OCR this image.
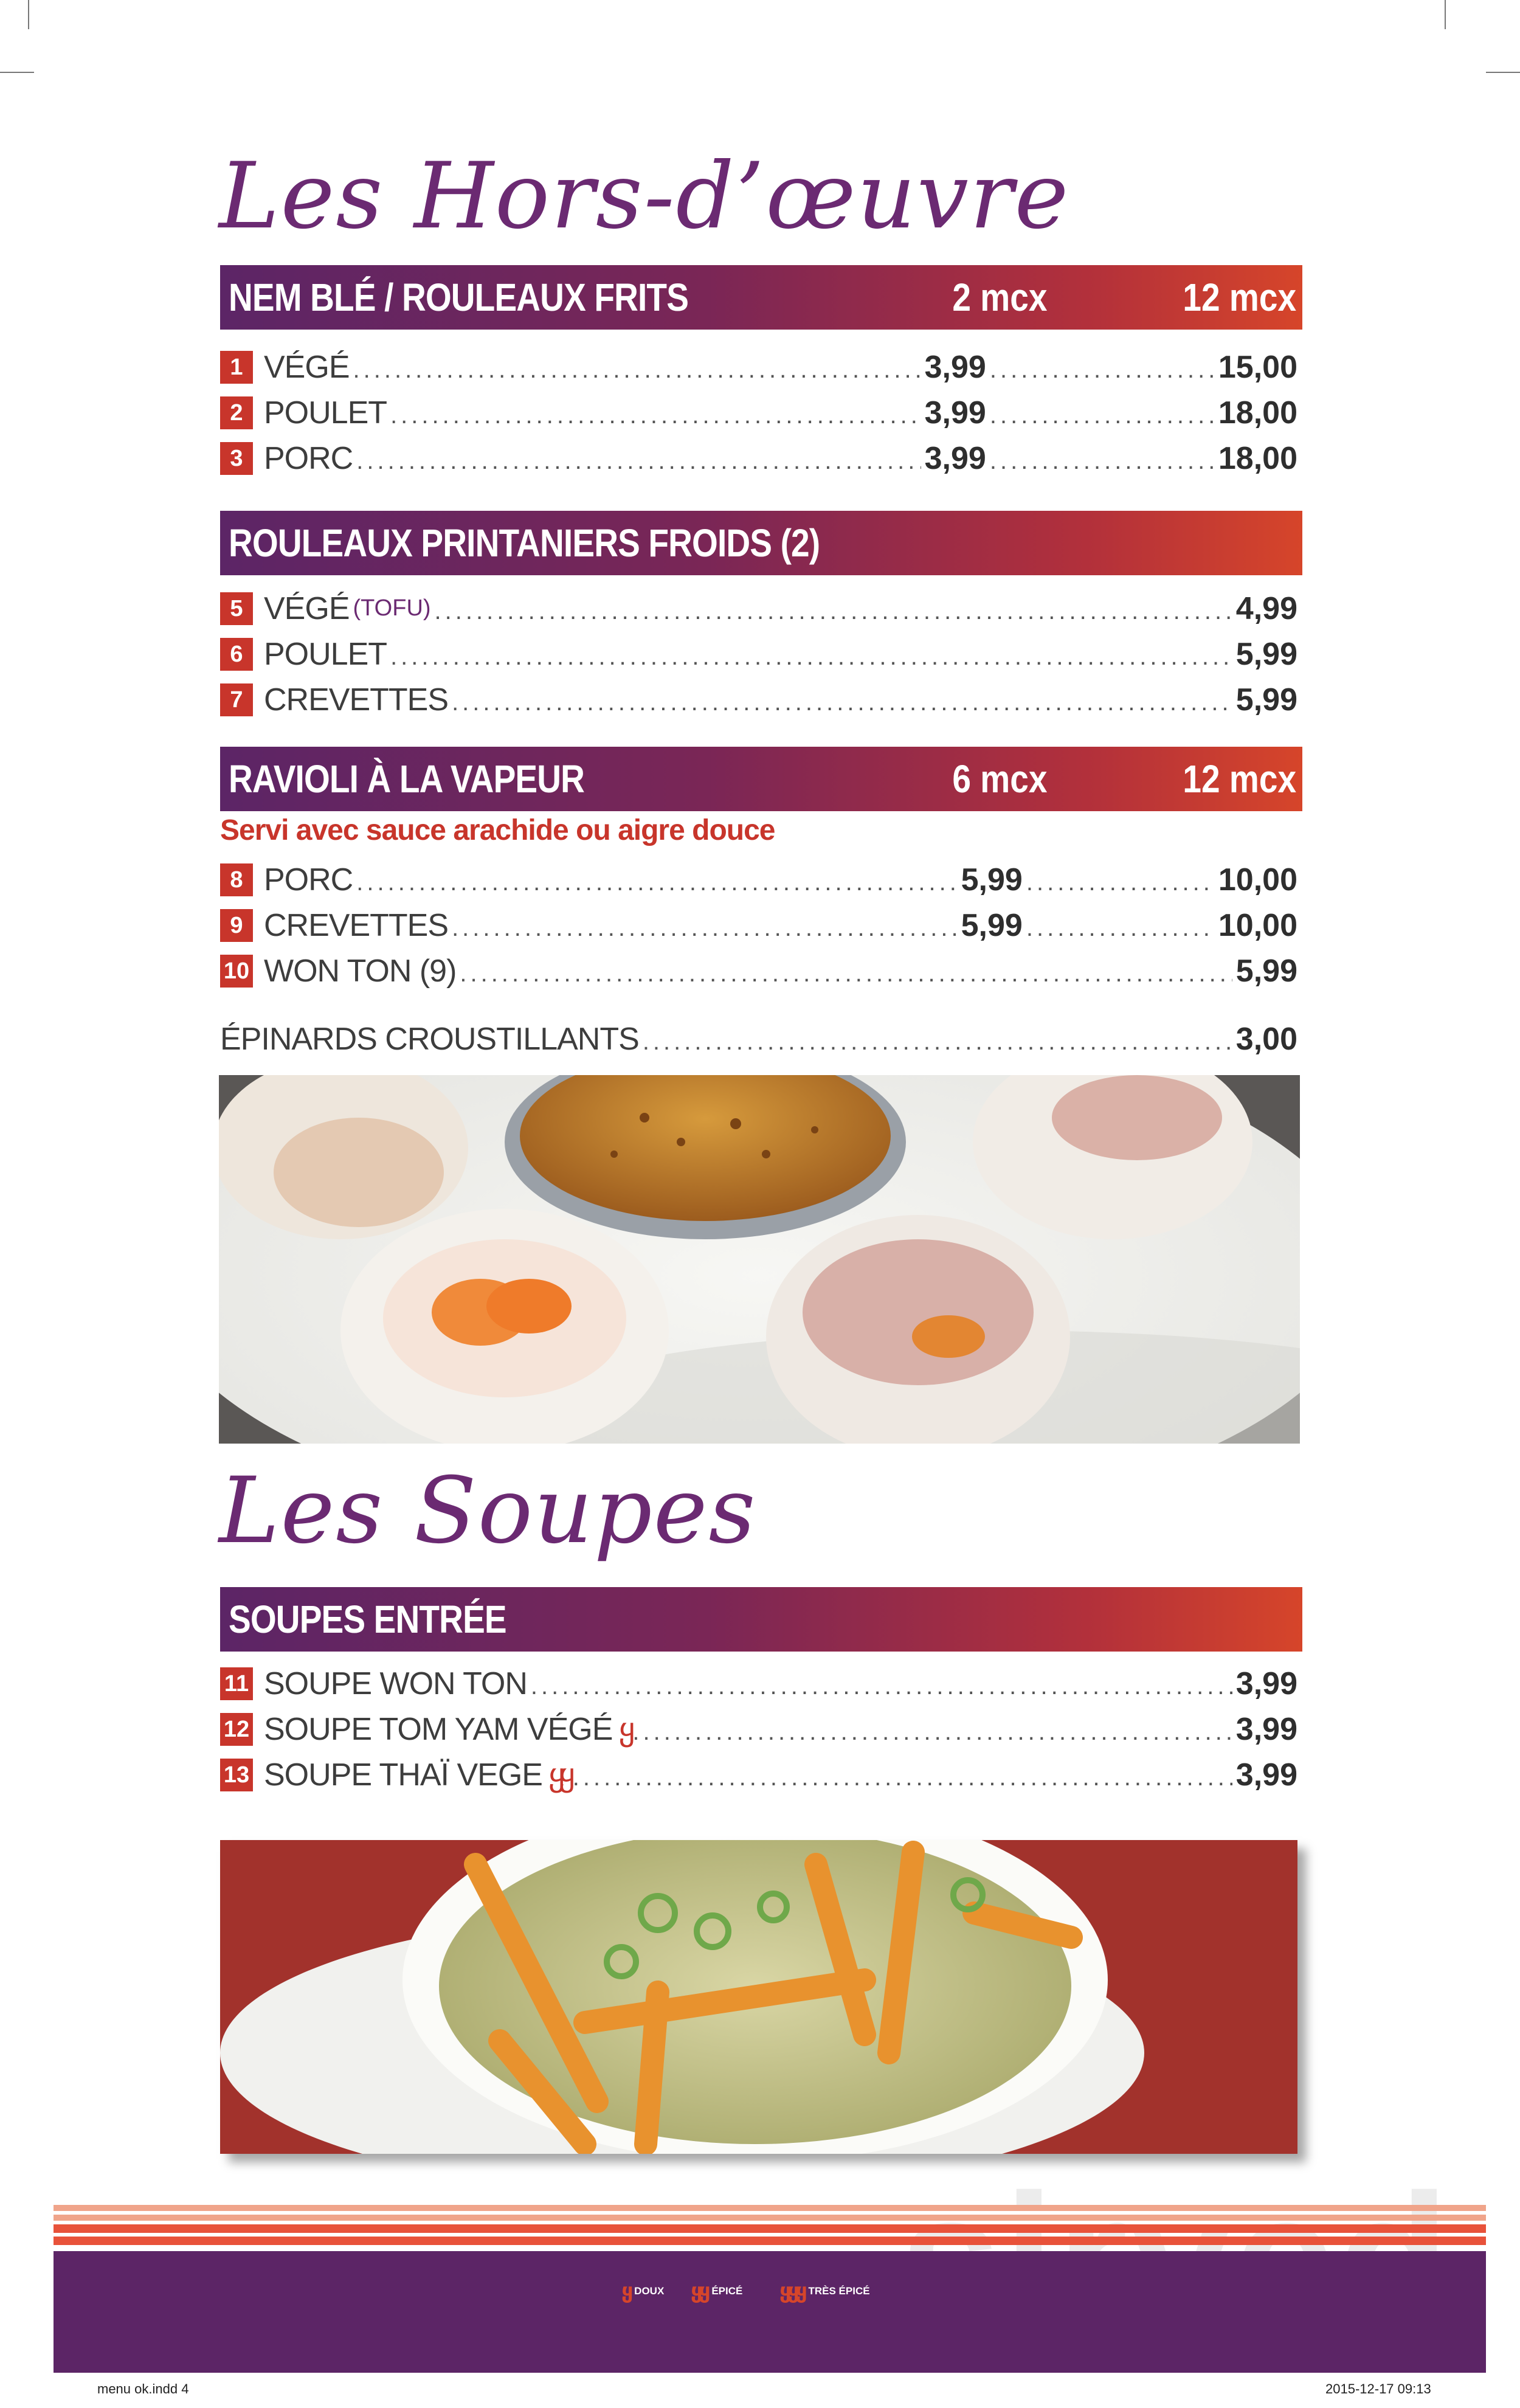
Les Hors-d’œuvre
NEM BLÉ / ROULEAUX FRITS	2 mcx	12 mcx
1 VÉGÉ .....	3,99 .....	15,00
2 POULET .....	3,99 .....	18,00
3 PORC .....	3,99 .....	18,00
ROULEAUX PRINTANIERS FROIDS (2)
5 VÉGÉ (TOFU) .....	4,99
6 POULET .....	5,99
7 CREVETTES .....	5,99
RAVIOLI À LA VAPEUR	6 mcx	12 mcx
Servi avec sauce arachide ou aigre douce
8 PORC .....	5,99 .....	10,00
9 CREVETTES .....	5,99 .....	10,00
10 WON TON (9) .....	5,99
ÉPINARDS CROUSTILLANTS .....	3,00
Les Soupes
SOUPES ENTRÉE
11 SOUPE WON TON .....	3,99
12 SOUPE TOM YAM VÉGÉ ყ .....	3,99
13 SOUPE THAÏ VEGE ყყ .....	3,99
ყ DOUX ყყ ÉPICÉ ყყყ TRÈS ÉPICÉ
menu ok.indd 4	2015-12-17 09:13
